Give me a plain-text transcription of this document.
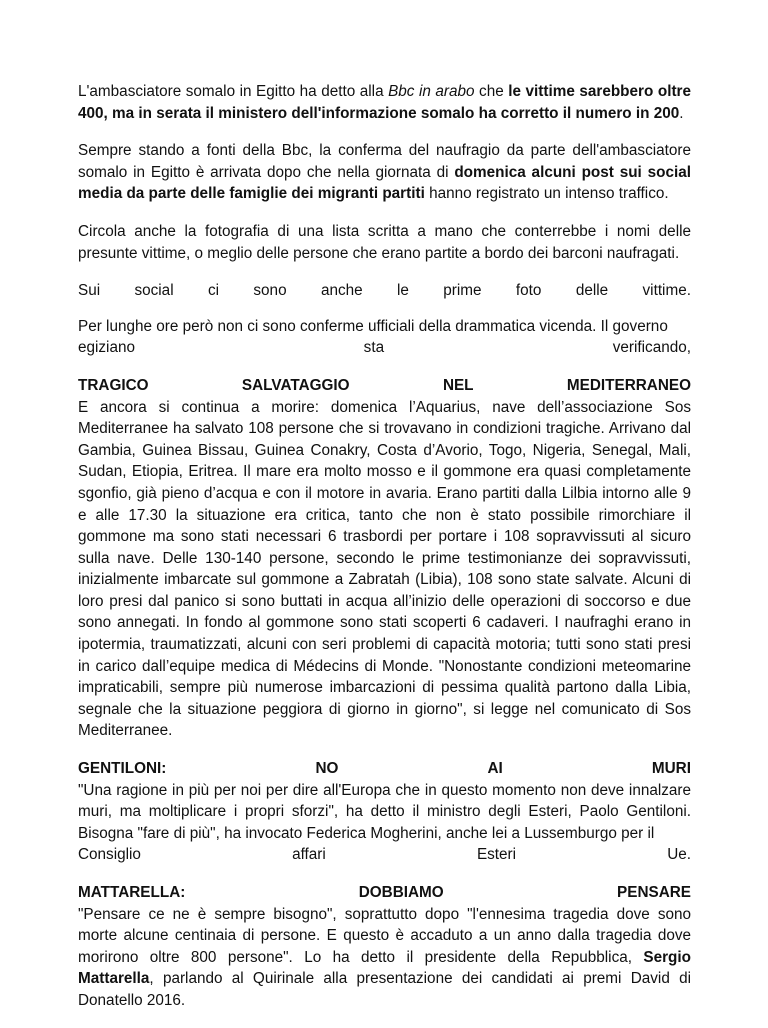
L'ambasciatore somalo in Egitto ha detto alla Bbc in arabo che le vittime sarebbero oltre 400, ma in serata il ministero dell'informazione somalo ha corretto il numero in 200.

Sempre stando a fonti della Bbc, la conferma del naufragio da parte dell'ambasciatore somalo in Egitto è arrivata dopo che nella giornata di domenica alcuni post sui social media da parte delle famiglie dei migranti partiti hanno registrato un intenso traffico.

Circola anche la fotografia di una lista scritta a mano che conterrebbe i nomi delle presunte vittime, o meglio delle persone che erano partite a bordo dei barconi naufragati.

Sui social ci sono anche le prime foto delle vittime.

Per lunghe ore però non ci sono conferme ufficiali della drammatica vicenda. Il governo
egiziano	sta	verificando,

TRAGICO	SALVATAGGIO	NEL	MEDITERRANEO
E ancora si continua a morire: domenica l’Aquarius, nave dell’associazione Sos Mediterranee ha salvato 108 persone che si trovavano in condizioni tragiche. Arrivano dal Gambia, Guinea Bissau, Guinea Conakry, Costa d’Avorio, Togo, Nigeria, Senegal, Mali, Sudan, Etiopia, Eritrea. Il mare era molto mosso e il gommone era quasi completamente sgonfio, già pieno d’acqua e con il motore in avaria. Erano partiti dalla Lilbia intorno alle 9 e alle 17.30 la situazione era critica, tanto che non è stato possibile rimorchiare il gommone ma sono stati necessari 6 trasbordi per portare i 108 sopravvissuti al sicuro sulla nave. Delle 130-140 persone, secondo le prime testimonianze dei sopravvissuti, inizialmente imbarcate sul gommone a Zabratah (Libia), 108 sono state salvate. Alcuni di loro presi dal panico si sono buttati in acqua all’inizio delle operazioni di soccorso e due sono annegati. In fondo al gommone sono stati scoperti 6 cadaveri. I naufraghi erano in ipotermia, traumatizzati, alcuni con seri problemi di capacità motoria; tutti sono stati presi in carico dall’equipe medica di Médecins di Monde. "Nonostante condizioni meteomarine impraticabili, sempre più numerose imbarcazioni di pessima qualità partono dalla Libia, segnale che la situazione peggiora di giorno in giorno", si legge nel comunicato di Sos Mediterranee.

GENTILONI:	NO	AI	MURI
"Una ragione in più per noi per dire all'Europa che in questo momento non deve innalzare muri, ma moltiplicare i propri sforzi", ha detto il ministro degli Esteri, Paolo Gentiloni. Bisogna "fare di più", ha invocato Federica Mogherini, anche lei a Lussemburgo per il
Consiglio	affari	Esteri	Ue.

MATTARELLA:	DOBBIAMO	PENSARE
"Pensare ce ne è sempre bisogno", soprattutto dopo "l'ennesima tragedia dove sono morte alcune centinaia di persone. E questo è accaduto a un anno dalla tragedia dove morirono oltre 800 persone". Lo ha detto il presidente della Repubblica, Sergio Mattarella, parlando al Quirinale alla presentazione dei candidati ai premi David di Donatello 2016.
